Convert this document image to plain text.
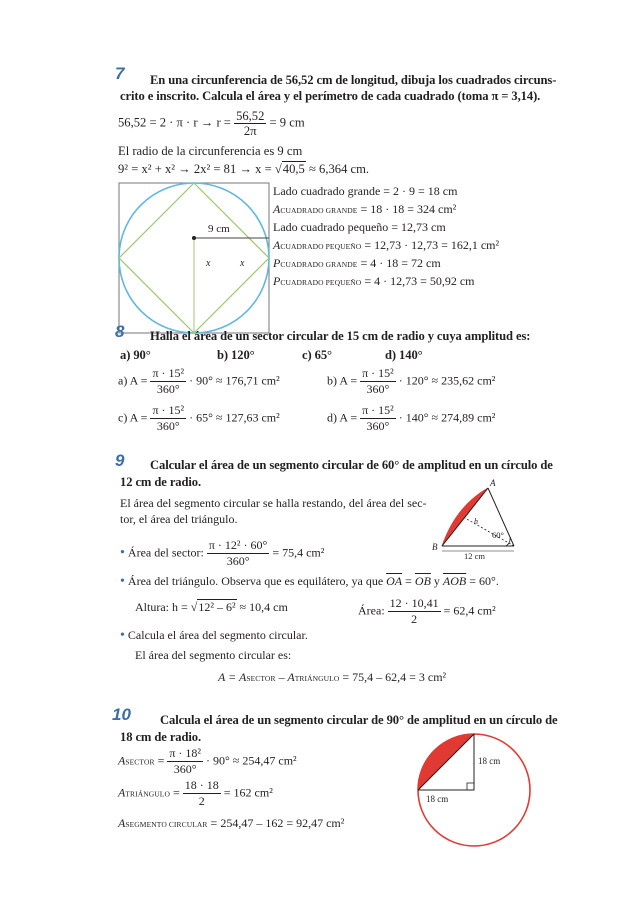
7 En una circunferencia de 56,52 cm de longitud, dibuja los cuadrados circuns-
crito e inscrito. Calcula el área y el perímetro de cada cuadrado (toma π = 3,14).
$56,52 = 2 \cdot \pi \cdot r \to r = \frac{56,52}{2\pi} = 9$ cm
El radio de la circunferencia es 9 cm
9² = x² + x² → 2x² = 81 → x = √40,5 ≈ 6,364 cm.
9 cm
x	x
Lado cuadrado grande = 2 · 9 = 18 cm
ACUADRADO GRANDE = 18 · 18 = 324 cm²
Lado cuadrado pequeño = 12,73 cm
ACUADRADO PEQUEÑO = 12,73 · 12,73 = 162,1 cm²
PCUADRADO GRANDE = 4 · 18 = 72 cm
PCUADRADO PEQUEÑO = 4 · 12,73 = 50,92 cm
8 Halla el área de un sector circular de 15 cm de radio y cuya amplitud es:
a) 90°	b) 120°	c) 65°	d) 140°
a) $A = \frac{\text{π · 15²}}{360^\circ} \cdot 90^\circ \approx 176,71$ cm²	b) $A = \frac{\text{π · 15²}}{360^\circ} \cdot 120^\circ \approx 235,62$ cm²
c) $A = \frac{\text{π · 15²}}{360^\circ} \cdot 65^\circ \approx 127,63$ cm²	d) $A = \frac{\text{π · 15²}}{360^\circ} \cdot 140^\circ \approx 274,89$ cm²
9 Calcular el área de un segmento circular de 60° de amplitud en un círculo de
12 cm de radio.
El área del segmento circular se halla restando, del área del sec-
tor, el área del triángulo.
A
B
h
60°
12 cm
• Área del sector: $\frac{\text{π · 12² · 60°}}{360^\circ} = 75,4$ cm²
• Área del triángulo. Observa que es equilátero, ya que $\overline{OA} = \overline{OB}$ y $\overline{AOB} = 60^\circ$.
Altura: h = √12² – 6² ≈ 10,4 cm	Área: $\frac{12 \cdot 10,41}{2} = 62,4$ cm²
• Calcula el área del segmento circular.
El área del segmento circular es:
A = ASECTOR – ATRIÁNGULO = 75,4 – 62,4 = 3 cm²
10 Calcula el área de un segmento circular de 90° de amplitud en un círculo de
18 cm de radio.
ASECTOR = $\frac{\text{π · 18²}}{360^\circ} \cdot 90^\circ \approx 254,47$ cm²
ATRIÁNGULO = $\frac{18 \cdot 18}{2} = 162$ cm²
ASEGMENTO CIRCULAR = 254,47 – 162 = 92,47 cm²
18 cm
18 cm
